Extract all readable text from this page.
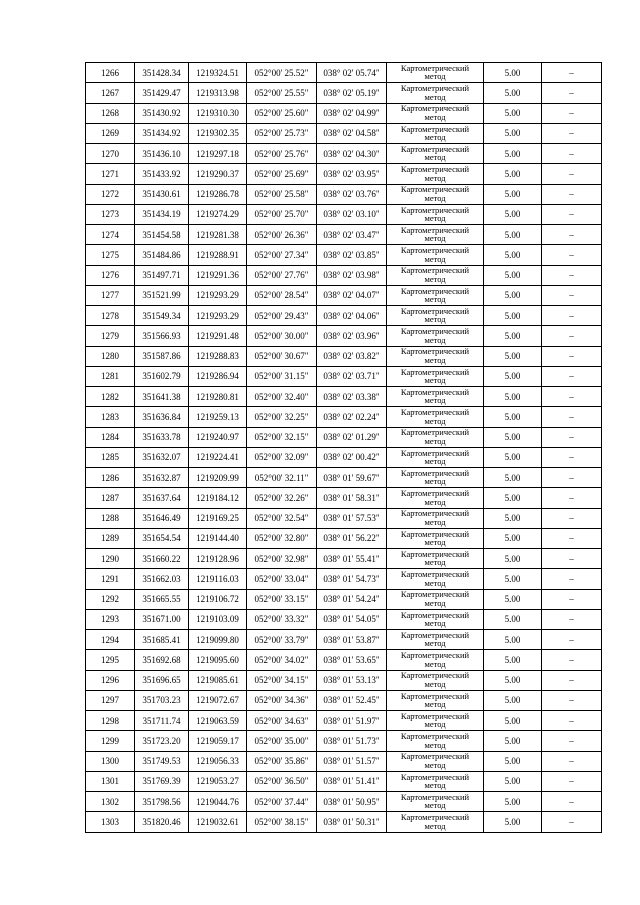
1266	351428.34	1219324.51	052°00' 25.52"	038° 02' 05.74"	Картометрический метод	5.00	–
1267	351429.47	1219313.98	052°00' 25.55"	038° 02' 05.19"	Картометрический метод	5.00	–
1268	351430.92	1219310.30	052°00' 25.60"	038° 02' 04.99"	Картометрический метод	5.00	–
1269	351434.92	1219302.35	052°00' 25.73"	038° 02' 04.58"	Картометрический метод	5.00	–
1270	351436.10	1219297.18	052°00' 25.76"	038° 02' 04.30"	Картометрический метод	5.00	–
1271	351433.92	1219290.37	052°00' 25.69"	038° 02' 03.95"	Картометрический метод	5.00	–
1272	351430.61	1219286.78	052°00' 25.58"	038° 02' 03.76"	Картометрический метод	5.00	–
1273	351434.19	1219274.29	052°00' 25.70"	038° 02' 03.10"	Картометрический метод	5.00	–
1274	351454.58	1219281.38	052°00' 26.36"	038° 02' 03.47"	Картометрический метод	5.00	–
1275	351484.86	1219288.91	052°00' 27.34"	038° 02' 03.85"	Картометрический метод	5.00	–
1276	351497.71	1219291.36	052°00' 27.76"	038° 02' 03.98"	Картометрический метод	5.00	–
1277	351521.99	1219293.29	052°00' 28.54"	038° 02' 04.07"	Картометрический метод	5.00	–
1278	351549.34	1219293.29	052°00' 29.43"	038° 02' 04.06"	Картометрический метод	5.00	–
1279	351566.93	1219291.48	052°00' 30.00"	038° 02' 03.96"	Картометрический метод	5.00	–
1280	351587.86	1219288.83	052°00' 30.67"	038° 02' 03.82"	Картометрический метод	5.00	–
1281	351602.79	1219286.94	052°00' 31.15"	038° 02' 03.71"	Картометрический метод	5.00	–
1282	351641.38	1219280.81	052°00' 32.40"	038° 02' 03.38"	Картометрический метод	5.00	–
1283	351636.84	1219259.13	052°00' 32.25"	038° 02' 02.24"	Картометрический метод	5.00	–
1284	351633.78	1219240.97	052°00' 32.15"	038° 02' 01.29"	Картометрический метод	5.00	–
1285	351632.07	1219224.41	052°00' 32.09"	038° 02' 00.42"	Картометрический метод	5.00	–
1286	351632.87	1219209.99	052°00' 32.11"	038° 01' 59.67"	Картометрический метод	5.00	–
1287	351637.64	1219184.12	052°00' 32.26"	038° 01' 58.31"	Картометрический метод	5.00	–
1288	351646.49	1219169.25	052°00' 32.54"	038° 01' 57.53"	Картометрический метод	5.00	–
1289	351654.54	1219144.40	052°00' 32.80"	038° 01' 56.22"	Картометрический метод	5.00	–
1290	351660.22	1219128.96	052°00' 32.98"	038° 01' 55.41"	Картометрический метод	5.00	–
1291	351662.03	1219116.03	052°00' 33.04"	038° 01' 54.73"	Картометрический метод	5.00	–
1292	351665.55	1219106.72	052°00' 33.15"	038° 01' 54.24"	Картометрический метод	5.00	–
1293	351671.00	1219103.09	052°00' 33.32"	038° 01' 54.05"	Картометрический метод	5.00	–
1294	351685.41	1219099.80	052°00' 33.79"	038° 01' 53.87"	Картометрический метод	5.00	–
1295	351692.68	1219095.60	052°00' 34.02"	038° 01' 53.65"	Картометрический метод	5.00	–
1296	351696.65	1219085.61	052°00' 34.15"	038° 01' 53.13"	Картометрический метод	5.00	–
1297	351703.23	1219072.67	052°00' 34.36"	038° 01' 52.45"	Картометрический метод	5.00	–
1298	351711.74	1219063.59	052°00' 34.63"	038° 01' 51.97"	Картометрический метод	5.00	–
1299	351723.20	1219059.17	052°00' 35.00"	038° 01' 51.73"	Картометрический метод	5.00	–
1300	351749.53	1219056.33	052°00' 35.86"	038° 01' 51.57"	Картометрический метод	5.00	–
1301	351769.39	1219053.27	052°00' 36.50"	038° 01' 51.41"	Картометрический метод	5.00	–
1302	351798.56	1219044.76	052°00' 37.44"	038° 01' 50.95"	Картометрический метод	5.00	–
1303	351820.46	1219032.61	052°00' 38.15"	038° 01' 50.31"	Картометрический метод	5.00	–
